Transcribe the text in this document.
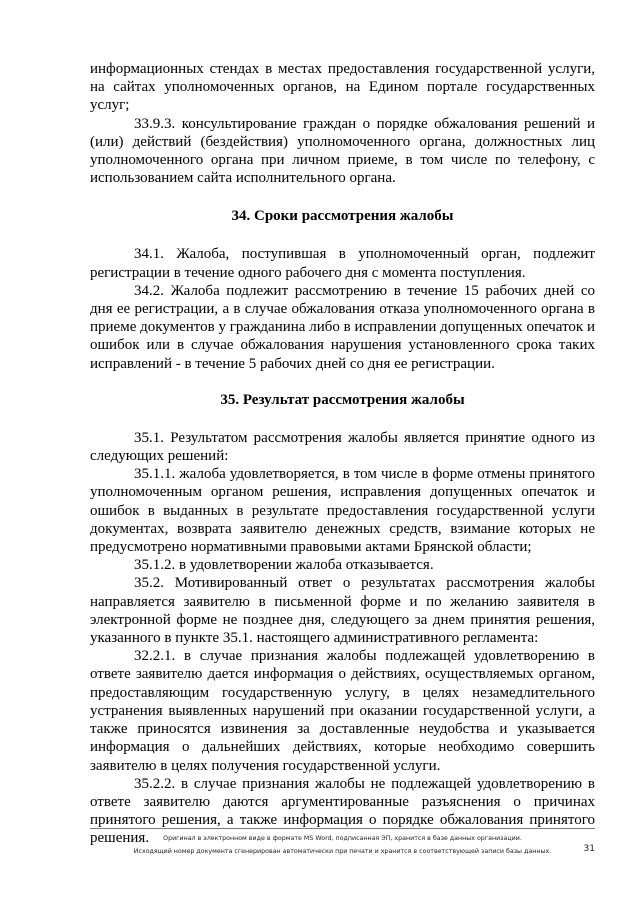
информационных стендах в местах предоставления государственной услуги, на сайтах уполномоченных органов, на Едином портале государственных услуг;

33.9.3. консультирование граждан о порядке обжалования решений и (или) действий (бездействия) уполномоченного органа, должностных лиц уполномоченного органа при личном приеме, в том числе по телефону, с использованием сайта исполнительного органа.

34. Сроки рассмотрения жалобы

34.1. Жалоба, поступившая в уполномоченный орган, подлежит регистрации в течение одного рабочего дня с момента поступления.

34.2. Жалоба подлежит рассмотрению в течение 15 рабочих дней со дня ее регистрации, а в случае обжалования отказа уполномоченного органа в приеме документов у гражданина либо в исправлении допущенных опечаток и ошибок или в случае обжалования нарушения установленного срока таких исправлений - в течение 5 рабочих дней со дня ее регистрации.

35. Результат рассмотрения жалобы

35.1. Результатом рассмотрения жалобы является принятие одного из следующих решений:

35.1.1. жалоба удовлетворяется, в том числе в форме отмены принятого уполномоченным органом решения, исправления допущенных опечаток и ошибок в выданных в результате предоставления государственной услуги документах, возврата заявителю денежных средств, взимание которых не предусмотрено нормативными правовыми актами Брянской области;

35.1.2. в удовлетворении жалоба отказывается.

35.2. Мотивированный ответ о результатах рассмотрения жалобы направляется заявителю в письменной форме и по желанию заявителя в электронной форме не позднее дня, следующего за днем принятия решения, указанного в пункте 35.1. настоящего административного регламента:

32.2.1. в случае признания жалобы подлежащей удовлетворению в ответе заявителю дается информация о действиях, осуществляемых органом, предоставляющим государственную услугу, в целях незамедлительного устранения выявленных нарушений при оказании государственной услуги, а также приносятся извинения за доставленные неудобства и указывается информация о дальнейших действиях, которые необходимо совершить заявителю в целях получения государственной услуги.

35.2.2. в случае признания жалобы не подлежащей удовлетворению в ответе заявителю даются аргументированные разъяснения о причинах принятого решения, а также информация о порядке обжалования принятого решения.	Оригинал в электронном виде в формате MS Word, подписанная ЭП, хранится в базе данных организации.

Исходящий номер документа сгенерирован автоматически при печати и хранится в соответствующей записи базы данных.	31
